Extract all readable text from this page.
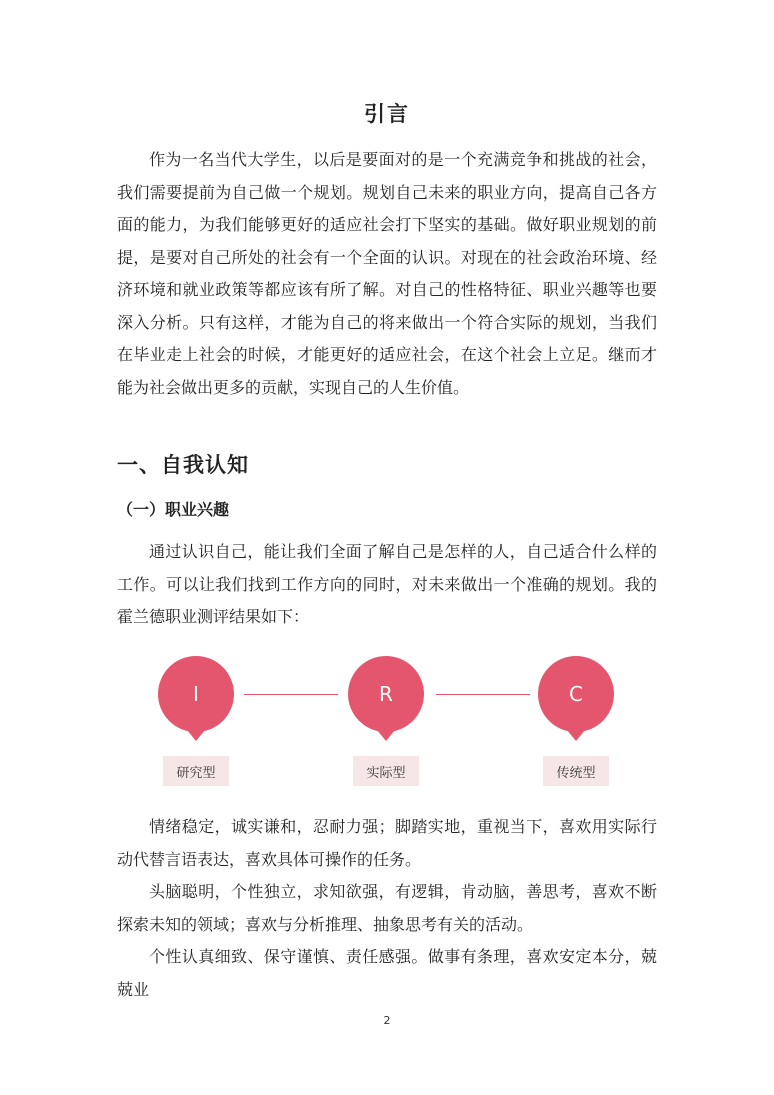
引言

作为一名当代大学生，以后是要面对的是一个充满竞争和挑战的社会，我们需要提前为自己做一个规划。规划自己未来的职业方向，提高自己各方面的能力，为我们能够更好的适应社会打下坚实的基础。做好职业规划的前提，是要对自己所处的社会有一个全面的认识。对现在的社会政治环境、经济环境和就业政策等都应该有所了解。对自己的性格特征、职业兴趣等也要深入分析。只有这样，才能为自己的将来做出一个符合实际的规划，当我们在毕业走上社会的时候，才能更好的适应社会，在这个社会上立足。继而才能为社会做出更多的贡献，实现自己的人生价值。

一、自我认知
（一）职业兴趣

通过认识自己，能让我们全面了解自己是怎样的人，自己适合什么样的工作。可以让我们找到工作方向的同时，对未来做出一个准确的规划。我的霍兰德职业测评结果如下：

I
研究型
R
实际型
C
传统型

情绪稳定，诚实谦和，忍耐力强；脚踏实地，重视当下，喜欢用实际行动代替言语表达，喜欢具体可操作的任务。

头脑聪明，个性独立，求知欲强，有逻辑，肯动脑，善思考，喜欢不断探索未知的领域；喜欢与分析推理、抽象思考有关的活动。

个性认真细致、保守谨慎、责任感强。做事有条理，喜欢安定本分，兢兢业

2
